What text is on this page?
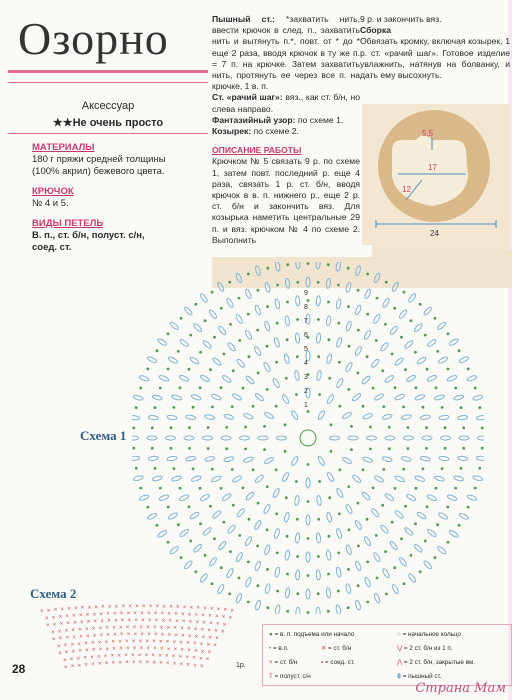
Озорно
Аксессуар
★★Не очень просто
МАТЕРИАЛЫ
180 г пряжи средней толщины
(100% акрил) бежевого цвета.
КРЮЧОК
№ 4 и 5.
ВИДЫ ПЕТЕЛЬ
В. п., ст. б/н, полуст. с/н,
соед. ст.
Пышный ст.: *захватить нить, ввести крючок в след. п., захватить нить и вытянуть п.*, повт. от * до * еще 2 раза, вводя крючок в ту же п. = 7 п. на крючке. Затем захватить нить, протянуть ее через все п. на крючке, 1 в. п.
Ст. «рачий шаг»: вяз., как ст. б/н, но слева направо.
Фантазийный узор: по схеме 1.
Козырек: по схеме 2.
ОПИСАНИЕ РАБОТЫ
Крючком № 5 связать 9 р. по схеме 1, затем повт. последний р. еще 4 раза, связать 1 р. ст. б/н, вводя крючок в в. п. нижнего р., еще 2 р. ст. б/н и закончить вяз. Для козырька наметить центральные 29 п. и вяз. крючком № 4 по схеме 2. Выполнить
9 р. и закончить вяз.
Сборка
Обвязать кромку, включая козырек, 1 р. ст. «рачий шаг». Готовое изделие увлажнить, натянув на болванку, и дать ему высохнуть.
5,5
17
12
24
Схема 1
9
8
7
6
5
4
3
2
1
× × × × × × × × × × × × × × × × × × × × × × × × × × × × ×
× × × × × × × × × × × × × × × × × × × × × × × × × × × ×
× × × × × × × × × × × × × × × × × × × × × × × × × × ×
× × × × × × × × × × × × × × × × × × × × × × × × × ×
× × × × × × × × × × × × × × × × × × × × × × × × ×
× × × × × × × × × × × × × × × × × × × × × × × ×
× × × × × × × × × × × × × × × × × × × × × × ×
× × × × × × × × × × × × × × × × × × × × × ×
× × × × × × × × × × × × × × × × × × × × ×
Схема 2
1р.
● = в. п. подъема или начало	○ = начальное кольцо
• = в.п.	✕ = ст. б/н	⋁ = 2 ст. б/н из 1 п.
× = ст. б/н	▪ = соед. ст.	⋀ = 2 ст. б/н, закрытые вм.
Т = полуст. с/н	⬮ = пышный ст.
28
Страна Мам
